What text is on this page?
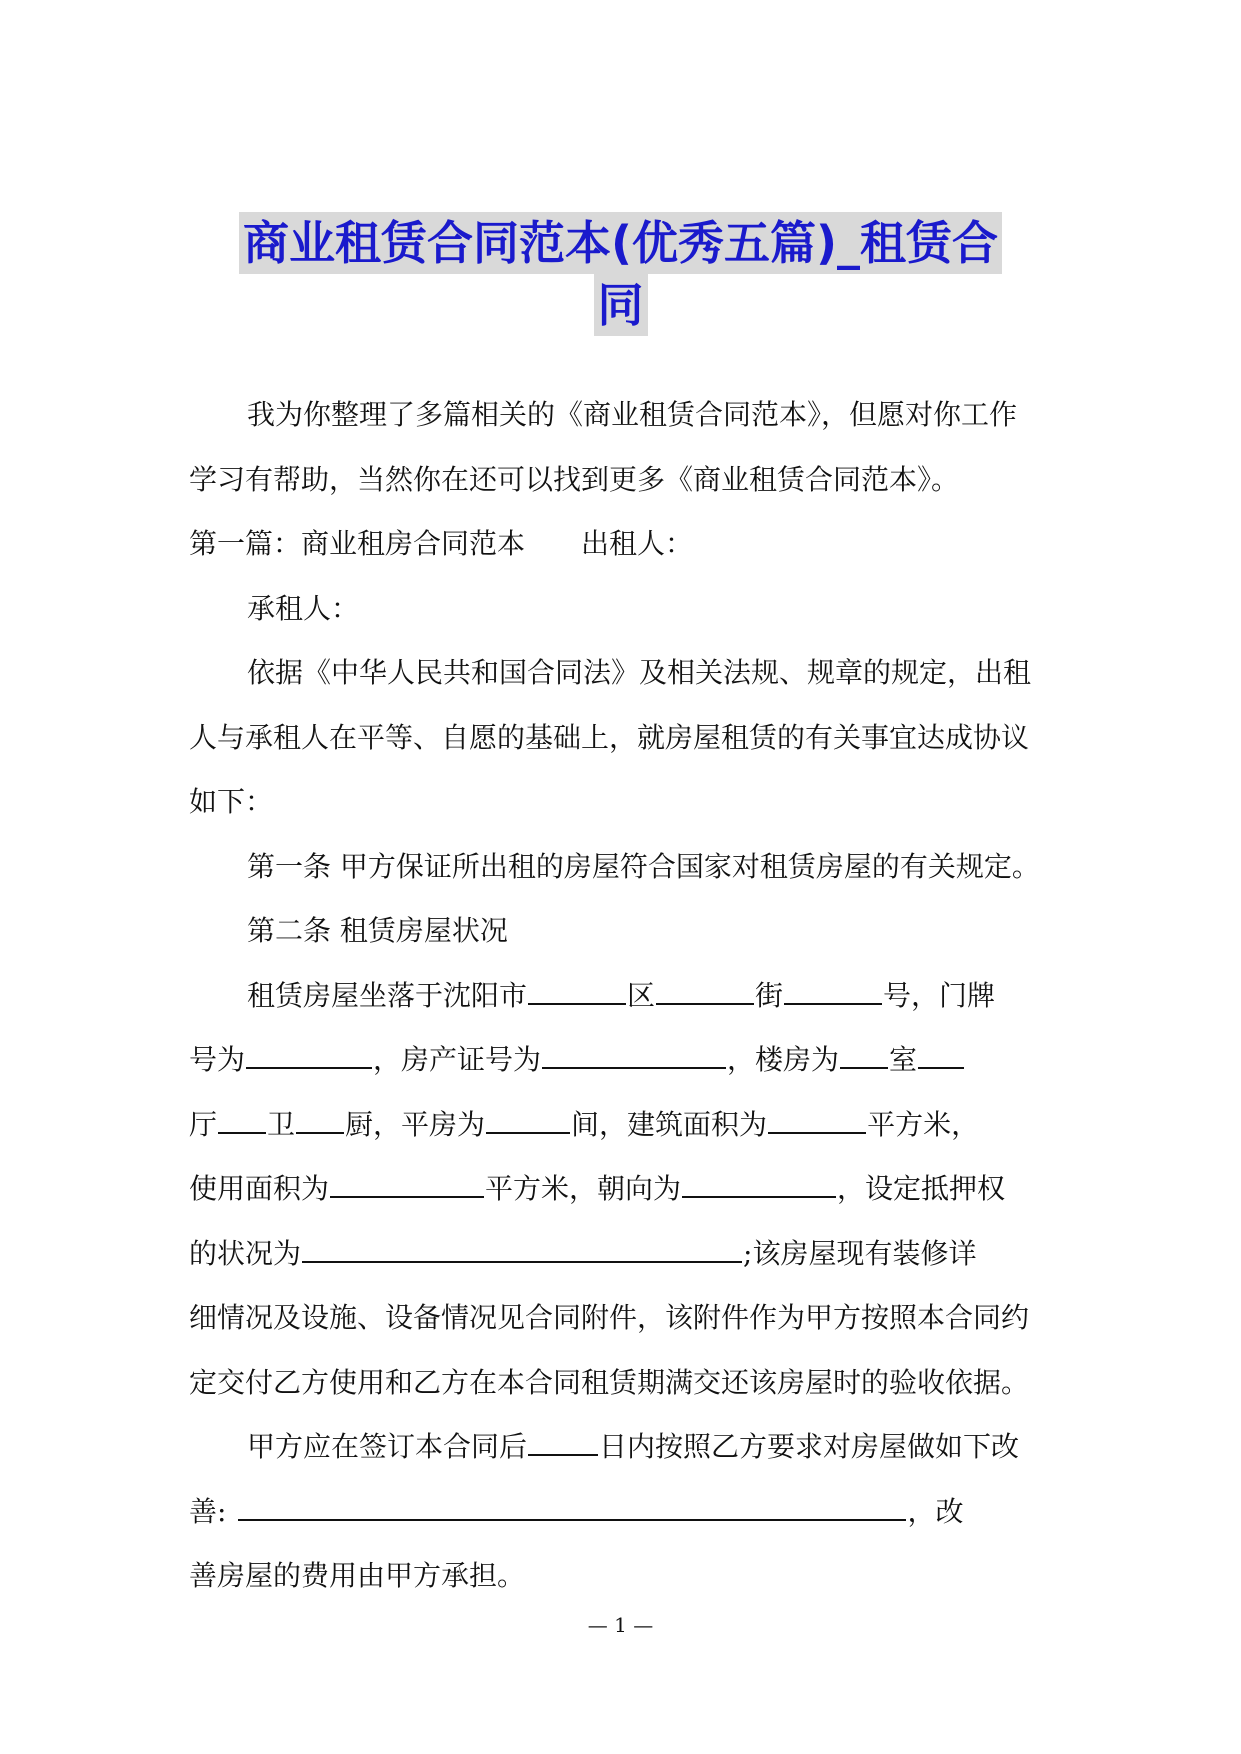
商业租赁合同范本(优秀五篇)_租赁合
同

我为你整理了多篇相关的《商业租赁合同范本》，但愿对你工作

学习有帮助，当然你在还可以找到更多《商业租赁合同范本》。

第一篇：商业租房合同范本　　出租人：

承租人：

依据《中华人民共和国合同法》及相关法规、规章的规定，出租

人与承租人在平等、自愿的基础上，就房屋租赁的有关事宜达成协议

如下：

第一条 甲方保证所出租的房屋符合国家对租赁房屋的有关规定。

第二条 租赁房屋状况

租赁房屋坐落于沈阳市	区	街	号，门牌

号为	，房产证号为	，楼房为 室

厅 卫 厨，平房为	间，建筑面积为	平方米，

使用面积为	平方米，朝向为	，设定抵押权

的状况为	;该房屋现有装修详

细情况及设施、设备情况见合同附件，该附件作为甲方按照本合同约

定交付乙方使用和乙方在本合同租赁期满交还该房屋时的验收依据。

甲方应在签订本合同后	日内按照乙方要求对房屋做如下改

善:	，改

善房屋的费用由甲方承担。

— 1 —
